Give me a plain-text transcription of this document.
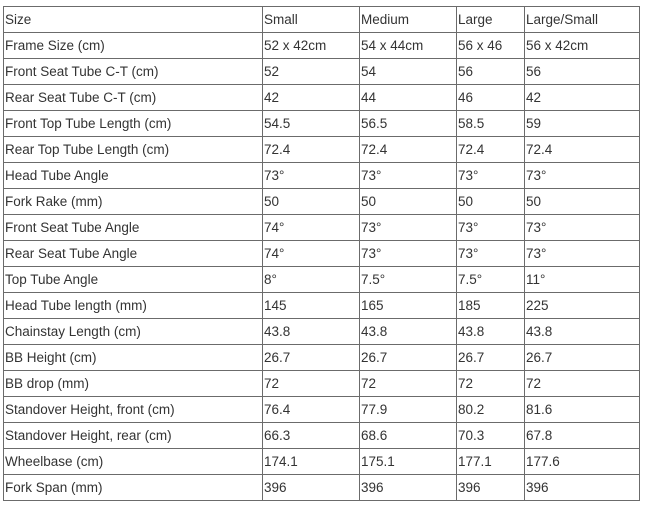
Size	Small	Medium	Large	Large/Small
Frame Size (cm)	52 x 42cm	54 x 44cm	56 x 46	56 x 42cm
Front Seat Tube C-T (cm)	52	54	56	56
Rear Seat Tube C-T (cm)	42	44	46	42
Front Top Tube Length (cm)	54.5	56.5	58.5	59
Rear Top Tube Length (cm)	72.4	72.4	72.4	72.4
Head Tube Angle	73°	73°	73°	73°
Fork Rake (mm)	50	50	50	50
Front Seat Tube Angle	74°	73°	73°	73°
Rear Seat Tube Angle	74°	73°	73°	73°
Top Tube Angle	8°	7.5°	7.5°	11°
Head Tube length (mm)	145	165	185	225
Chainstay Length (cm)	43.8	43.8	43.8	43.8
BB Height (cm)	26.7	26.7	26.7	26.7
BB drop (mm)	72	72	72	72
Standover Height, front (cm)	76.4	77.9	80.2	81.6
Standover Height, rear (cm)	66.3	68.6	70.3	67.8
Wheelbase (cm)	174.1	175.1	177.1	177.6
Fork Span (mm)	396	396	396	396
